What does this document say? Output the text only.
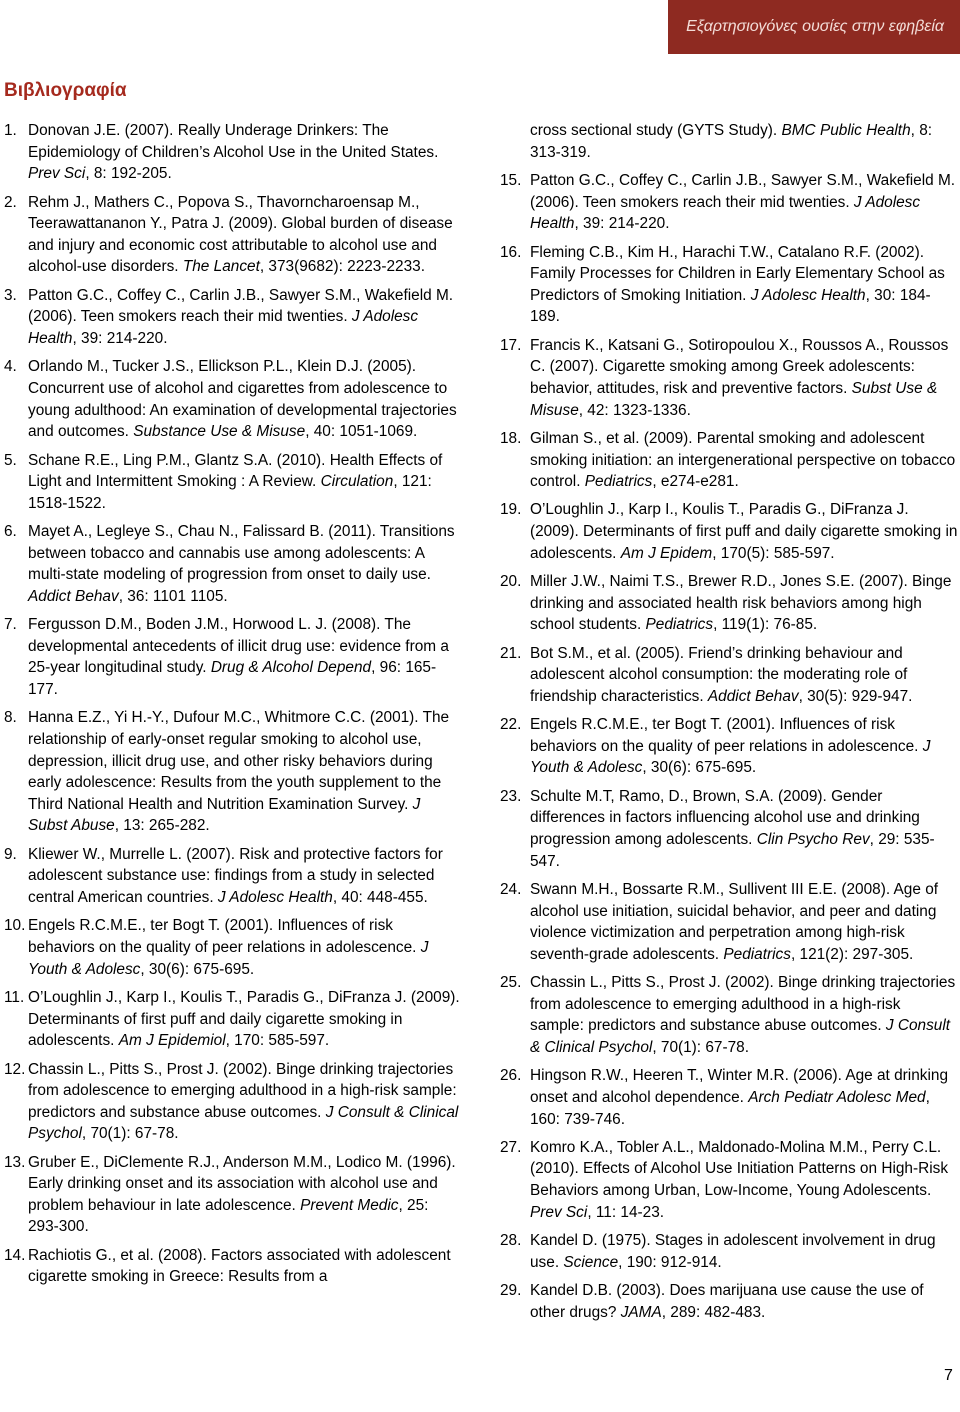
Εξαρτησιογόνες ουσίες στην εφηβεία
Βιβλιογραφία
1. Donovan J.E. (2007). Really Underage Drinkers: The Epidemiology of Children’s Alcohol Use in the United States. Prev Sci, 8: 192-205.
2. Rehm J., Mathers C., Popova S., Thavorncharoensap M., Teerawattananon Y., Patra J. (2009). Global burden of disease and injury and economic cost attributable to alcohol use and alcohol-use disorders. The Lancet, 373(9682): 2223-2233.
3. Patton G.C., Coffey C., Carlin J.B., Sawyer S.M., Wakefield M. (2006). Teen smokers reach their mid twenties. J Adolesc Health, 39: 214-220.
4. Orlando M., Tucker J.S., Ellickson P.L., Klein D.J. (2005). Concurrent use of alcohol and cigarettes from adolescence to young adulthood: An examination of developmental trajectories and outcomes. Substance Use & Misuse, 40: 1051-1069.
5. Schane R.E., Ling P.M., Glantz S.A. (2010). Health Effects of Light and Intermittent Smoking : A Review. Circulation, 121: 1518-1522.
6. Mayet A., Legleye S., Chau N., Falissard B. (2011). Transitions between tobacco and cannabis use among adolescents: A multi-state modeling of progression from onset to daily use. Addict Behav, 36: 1101 1105.
7. Fergusson D.M., Boden J.M., Horwood L. J. (2008). The developmental antecedents of illicit drug use: evidence from a 25-year longitudinal study. Drug & Alcohol Depend, 96: 165-177.
8. Hanna E.Z., Yi H.-Y., Dufour M.C., Whitmore C.C. (2001). The relationship of early-onset regular smoking to alcohol use, depression, illicit drug use, and other risky behaviors during early adolescence: Results from the youth supplement to the Third National Health and Nutrition Examination Survey. J Subst Abuse, 13: 265-282.
9. Kliewer W., Murrelle L. (2007). Risk and protective factors for adolescent substance use: findings from a study in selected central American countries. J Adolesc Health, 40: 448-455.
10. Engels R.C.M.E., ter Bogt T. (2001). Influences of risk behaviors on the quality of peer relations in adolescence. J Youth & Adolesc, 30(6): 675-695.
11. O’Loughlin J., Karp I., Koulis T., Paradis G., DiFranza J. (2009). Determinants of first puff and daily cigarette smoking in adolescents. Am J Epidemiol, 170: 585-597.
12. Chassin L., Pitts S., Prost J. (2002). Binge drinking trajectories from adolescence to emerging adulthood in a high-risk sample: predictors and substance abuse outcomes. J Consult & Clinical Psychol, 70(1): 67-78.
13. Gruber E., DiClemente R.J., Anderson M.M., Lodico M. (1996). Early drinking onset and its association with alcohol use and problem behaviour in late adolescence. Prevent Medic, 25: 293-300.
14. Rachiotis G., et al. (2008). Factors associated with adolescent cigarette smoking in Greece: Results from a
cross sectional study (GYTS Study). BMC Public Health, 8: 313-319.
15. Patton G.C., Coffey C., Carlin J.B., Sawyer S.M., Wakefield M. (2006). Teen smokers reach their mid twenties. J Adolesc Health, 39: 214-220.
16. Fleming C.B., Kim H., Harachi T.W., Catalano R.F. (2002). Family Processes for Children in Early Elementary School as Predictors of Smoking Initiation. J Adolesc Health, 30: 184-189.
17. Francis K., Katsani G., Sotiropoulou X., Roussos A., Roussos C. (2007). Cigarette smoking among Greek adolescents: behavior, attitudes, risk and preventive factors. Subst Use & Misuse, 42: 1323-1336.
18. Gilman S., et al. (2009). Parental smoking and adolescent smoking initiation: an intergenerational perspective on tobacco control. Pediatrics, e274-e281.
19. O’Loughlin J., Karp I., Koulis T., Paradis G., DiFranza J. (2009). Determinants of first puff and daily cigarette smoking in adolescents. Am J Epidem, 170(5): 585-597.
20. Miller J.W., Naimi T.S., Brewer R.D., Jones S.E. (2007). Binge drinking and associated health risk behaviors among high school students. Pediatrics, 119(1): 76-85.
21. Bot S.M., et al. (2005). Friend’s drinking behaviour and adolescent alcohol consumption: the moderating role of friendship characteristics. Addict Behav, 30(5): 929-947.
22. Engels R.C.M.E., ter Bogt T. (2001). Influences of risk behaviors on the quality of peer relations in adolescence. J Youth & Adolesc, 30(6): 675-695.
23. Schulte M.T, Ramo, D., Brown, S.A. (2009). Gender differences in factors influencing alcohol use and drinking progression among adolescents. Clin Psycho Rev, 29: 535-547.
24. Swann M.H., Bossarte R.M., Sullivent III E.E. (2008). Age of alcohol use initiation, suicidal behavior, and peer and dating violence victimization and perpetration among high-risk seventh-grade adolescents. Pediatrics, 121(2): 297-305.
25. Chassin L., Pitts S., Prost J. (2002). Binge drinking trajectories from adolescence to emerging adulthood in a high-risk sample: predictors and substance abuse outcomes. J Consult & Clinical Psychol, 70(1): 67-78.
26. Hingson R.W., Heeren T., Winter M.R. (2006). Age at drinking onset and alcohol dependence. Arch Pediatr Adolesc Med, 160: 739-746.
27. Komro K.A., Tobler A.L., Maldonado-Molina M.M., Perry C.L. (2010). Effects of Alcohol Use Initiation Patterns on High-Risk Behaviors among Urban, Low-Income, Young Adolescents. Prev Sci, 11: 14-23.
28. Kandel D. (1975). Stages in adolescent involvement in drug use. Science, 190: 912-914.
29. Kandel D.B. (2003). Does marijuana use cause the use of other drugs? JAMA, 289: 482-483.
7
